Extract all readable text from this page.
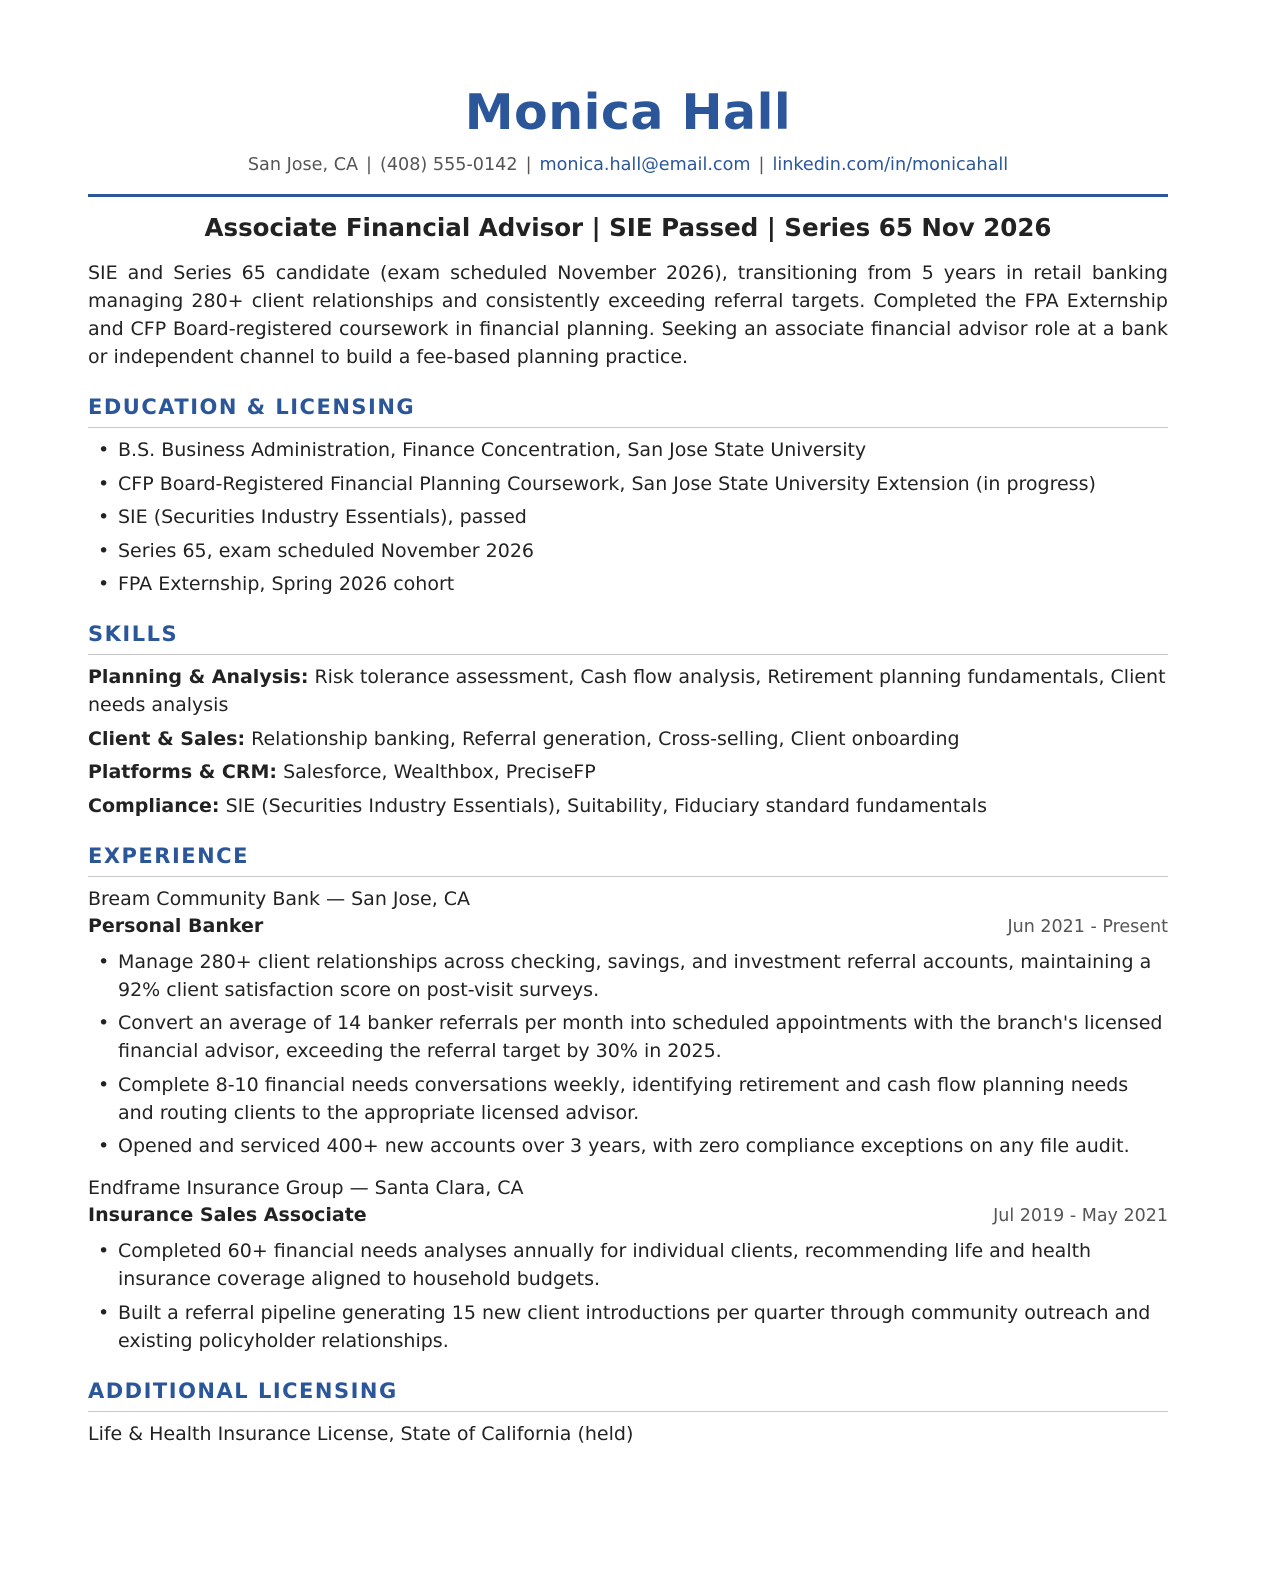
Monica Hall
San Jose, CA | (408) 555-0142 | monica.hall@email.com | linkedin.com/in/monicahall
Associate Financial Advisor | SIE Passed | Series 65 Nov 2026

SIE and Series 65 candidate (exam scheduled November 2026), transitioning from 5 years in retail banking managing 280+ client relationships and consistently exceeding referral targets. Completed the FPA Externship and CFP Board-registered coursework in financial planning. Seeking an associate financial advisor role at a bank or independent channel to build a fee-based planning practice.

EDUCATION & LICENSING
• B.S. Business Administration, Finance Concentration, San Jose State University
• CFP Board-Registered Financial Planning Coursework, San Jose State University Extension (in progress)
• SIE (Securities Industry Essentials), passed
• Series 65, exam scheduled November 2026
• FPA Externship, Spring 2026 cohort
SKILLS
Planning & Analysis: Risk tolerance assessment, Cash flow analysis, Retirement planning fundamentals, Client needs analysis
Client & Sales: Relationship banking, Referral generation, Cross-selling, Client onboarding
Platforms & CRM: Salesforce, Wealthbox, PreciseFP
Compliance: SIE (Securities Industry Essentials), Suitability, Fiduciary standard fundamentals
EXPERIENCE
Bream Community Bank — San Jose, CA
Personal Banker	Jun 2021 - Present
• Manage 280+ client relationships across checking, savings, and investment referral accounts, maintaining a 92% client satisfaction score on post-visit surveys.
• Convert an average of 14 banker referrals per month into scheduled appointments with the branch's licensed financial advisor, exceeding the referral target by 30% in 2025.
• Complete 8-10 financial needs conversations weekly, identifying retirement and cash flow planning needs and routing clients to the appropriate licensed advisor.
• Opened and serviced 400+ new accounts over 3 years, with zero compliance exceptions on any file audit.
Endframe Insurance Group — Santa Clara, CA
Insurance Sales Associate	Jul 2019 - May 2021
• Completed 60+ financial needs analyses annually for individual clients, recommending life and health insurance coverage aligned to household budgets.
• Built a referral pipeline generating 15 new client introductions per quarter through community outreach and existing policyholder relationships.
ADDITIONAL LICENSING
Life & Health Insurance License, State of California (held)
